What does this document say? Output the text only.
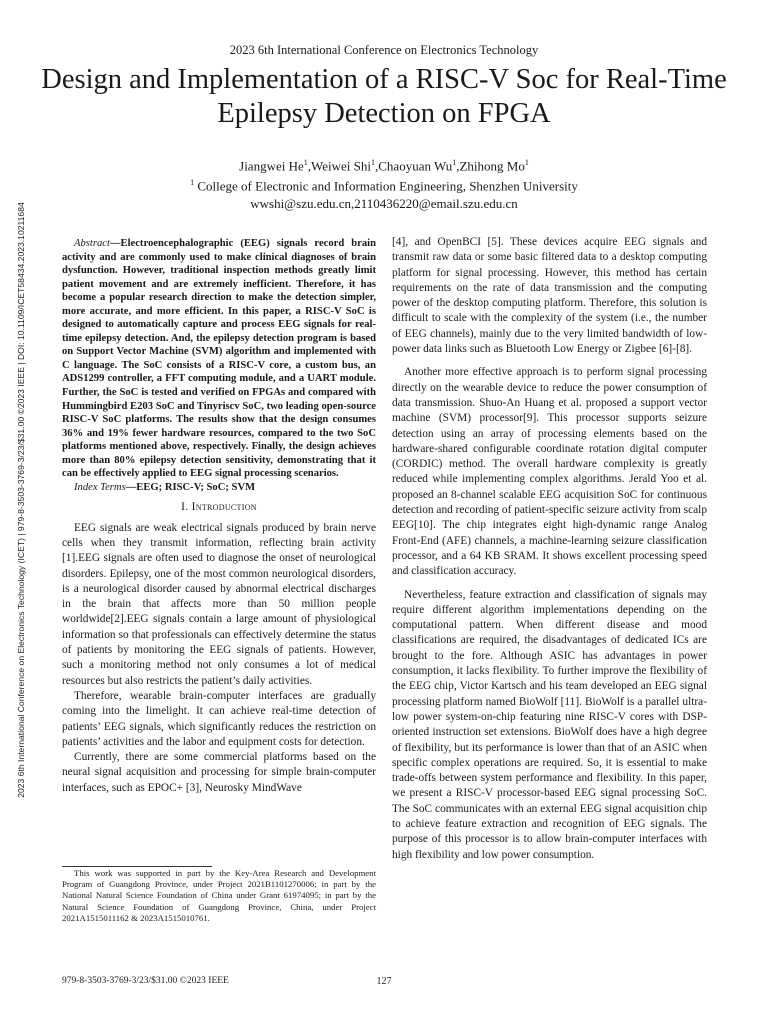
2023 6th International Conference on Electronics Technology
Design and Implementation of a RISC-V Soc for Real-Time Epilepsy Detection on FPGA
Jiangwei He$^1$,Weiwei Shi$^1$,Chaoyuan Wu$^1$,Zhihong Mo$^1$
$^1$ College of Electronic and Information Engineering, Shenzhen University
wwshi@szu.edu.cn,2110436220@email.szu.edu.cn
2023 6th International Conference on Electronics Technology (ICET) | 979-8-3503-3769-3/23/$31.00 ©2023 IEEE | DOI: 10.1109/ICET58434.2023.10211684	Abstract—Electroencephalographic (EEG) signals record brain activity and are commonly used to make clinical diagnoses of brain dysfunction. However, traditional inspection methods greatly limit patient movement and are extremely inefficient. Therefore, it has become a popular research direction to make the detection simpler, more accurate, and more efficient. In this paper, a RISC-V SoC is designed to automatically capture and process EEG signals for real-time epilepsy detection. And, the epilepsy detection program is based on Support Vector Machine (SVM) algorithm and implemented with C language. The SoC consists of a RISC-V core, a custom bus, an ADS1299 controller, a FFT computing module, and a UART module. Further, the SoC is tested and verified on FPGAs and compared with Hummingbird E203 SoC and Tinyriscv SoC, two leading open-source RISC-V SoC platforms. The results show that the design consumes 36% and 19% fewer hardware resources, compared to the two SoC platforms mentioned above, respectively. Finally, the design achieves more than 80% epilepsy detection sensitivity, demonstrating that it can be effectively applied to EEG signal processing scenarios.

Index Terms—EEG; RISC-V; SoC; SVM

I. Introduction

EEG signals are weak electrical signals produced by brain nerve cells when they transmit information, reflecting brain activity [1].EEG signals are often used to diagnose the onset of neurological disorders. Epilepsy, one of the most common neurological disorders, is a neurological disorder caused by abnormal electrical discharges in the brain that affects more than 50 million people worldwide[2].EEG signals contain a large amount of physiological information so that professionals can effectively determine the status of patients by monitoring the EEG signals of patients. However, such a monitoring method not only consumes a lot of medical resources but also restricts the patient’s daily activities.

Therefore, wearable brain-computer interfaces are gradually coming into the limelight. It can achieve real-time detection of patients’ EEG signals, which significantly reduces the restriction on patients’ activities and the labor and equipment costs for detection.

Currently, there are some commercial platforms based on the neural signal acquisition and processing for simple brain-computer interfaces, such as EPOC+ [3], Neurosky MindWave

This work was supported in part by the Key-Area Research and Development Program of Guangdong Province, under Project 2021B1101270006; in part by the National Natural Science Foundation of China under Grant 61974095; in part by the Natural Science Foundation of Guangdong Province, China, under Project 2021A1515011162 & 2023A1515010761.

[4], and OpenBCI [5]. These devices acquire EEG signals and transmit raw data or some basic filtered data to a desktop computing platform for signal processing. However, this method has certain requirements on the rate of data transmission and the computing power of the desktop computing platform. Therefore, this solution is difficult to scale with the complexity of the system (i.e., the number of EEG channels), mainly due to the very limited bandwidth of low-power data links such as Bluetooth Low Energy or Zigbee [6]-[8].

Another more effective approach is to perform signal processing directly on the wearable device to reduce the power consumption of data transmission. Shuo-An Huang et al. proposed a support vector machine (SVM) processor[9]. This processor supports seizure detection using an array of processing elements based on the hardware-shared configurable coordinate rotation digital computer (CORDIC) method. The overall hardware complexity is greatly reduced while implementing complex algorithms. Jerald Yoo et al. proposed an 8-channel scalable EEG acquisition SoC for continuous detection and recording of patient-specific seizure activity from scalp EEG[10]. The chip integrates eight high-dynamic range Analog Front-End (AFE) channels, a machine-learning seizure classification processor, and a 64 KB SRAM. It shows excellent processing speed and classification accuracy.

Nevertheless, feature extraction and classification of signals may require different algorithm implementations depending on the computational pattern. When different disease and mood classifications are required, the disadvantages of dedicated ICs are brought to the fore. Although ASIC has advantages in power consumption, it lacks flexibility. To further improve the flexibility of the EEG chip, Victor Kartsch and his team developed an EEG signal processing platform named BioWolf [11]. BioWolf is a parallel ultra-low power system-on-chip featuring nine RISC-V cores with DSP-oriented instruction set extensions. BioWolf does have a high degree of flexibility, but its performance is lower than that of an ASIC when specific complex operations are required. So, it is essential to make trade-offs between system performance and flexibility. In this paper, we present a RISC-V processor-based EEG signal processing SoC. The SoC communicates with an external EEG signal acquisition chip to achieve feature extraction and recognition of EEG signals. The purpose of this processor is to allow brain-computer interfaces with high flexibility and low power consumption.

979-8-3503-3769-3/23/$31.00 ©2023 IEEE	127
